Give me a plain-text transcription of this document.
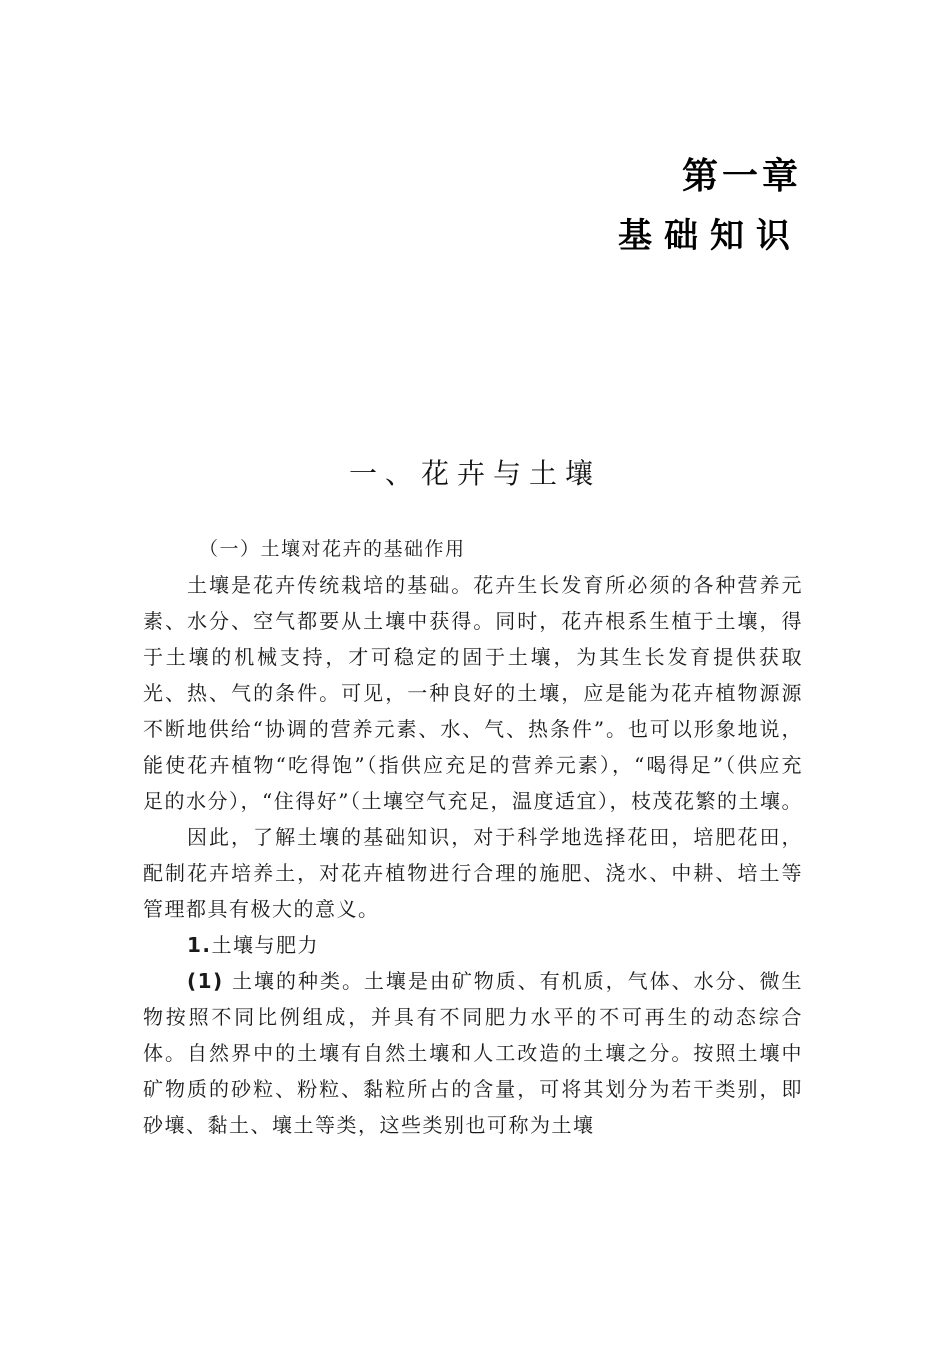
第一章
基础知识
一、花卉与土壤

（一）土壤对花卉的基础作用

土壤是花卉传统栽培的基础。花卉生长发育所必须的各种营养元素、水分、空气都要从土壤中获得。同时，花卉根系生植于土壤，得于土壤的机械支持，才可稳定的固于土壤，为其生长发育提供获取光、热、气的条件。可见，一种良好的土壤，应是能为花卉植物源源不断地供给“协调的营养元素、水、气、热条件”。也可以形象地说，能使花卉植物“吃得饱”（指供应充足的营养元素），“喝得足”（供应充足的水分），“住得好”（土壤空气充足，温度适宜），枝茂花繁的土壤。

因此，了解土壤的基础知识，对于科学地选择花田，培肥花田，配制花卉培养土，对花卉植物进行合理的施肥、浇水、中耕、培土等管理都具有极大的意义。

1.土壤与肥力

(1) 土壤的种类。土壤是由矿物质、有机质，气体、水分、微生物按照不同比例组成，并具有不同肥力水平的不可再生的动态综合体。自然界中的土壤有自然土壤和人工改造的土壤之分。按照土壤中矿物质的砂粒、粉粒、黏粒所占的含量，可将其划分为若干类别，即砂壤、黏土、壤土等类，这些类别也可称为土壤
